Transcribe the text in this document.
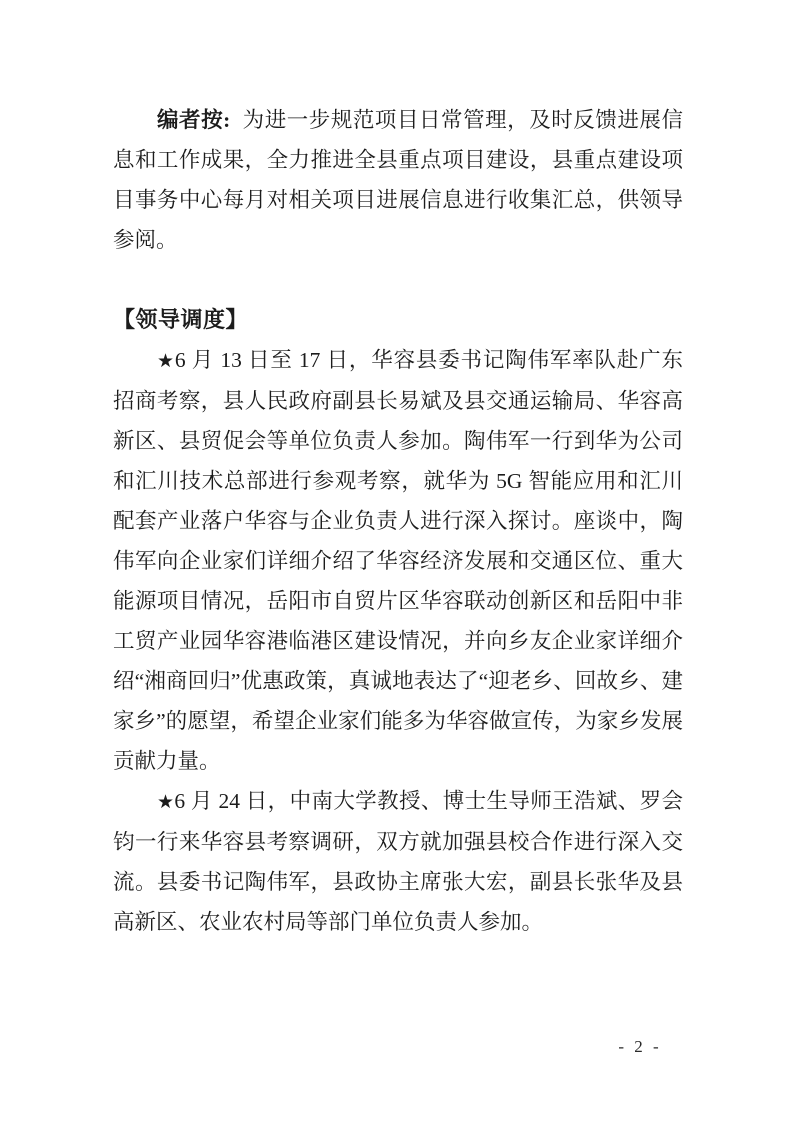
编者按: 为进一步规范项目日常管理，及时反馈进展信息和工作成果，全力推进全县重点项目建设，县重点建设项目事务中心每月对相关项目进展信息进行收集汇总，供领导参阅。

【领导调度】

★6 月 13 日至 17 日，华容县委书记陶伟军率队赴广东招商考察，县人民政府副县长易斌及县交通运输局、华容高新区、县贸促会等单位负责人参加。陶伟军一行到华为公司和汇川技术总部进行参观考察，就华为 5G 智能应用和汇川配套产业落户华容与企业负责人进行深入探讨。座谈中，陶伟军向企业家们详细介绍了华容经济发展和交通区位、重大能源项目情况，岳阳市自贸片区华容联动创新区和岳阳中非工贸产业园华容港临港区建设情况，并向乡友企业家详细介绍“湘商回归”优惠政策，真诚地表达了“迎老乡、回故乡、建家乡”的愿望，希望企业家们能多为华容做宣传，为家乡发展贡献力量。

★6 月 24 日，中南大学教授、博士生导师王浩斌、罗会钧一行来华容县考察调研，双方就加强县校合作进行深入交流。县委书记陶伟军，县政协主席张大宏，副县长张华及县高新区、农业农村局等部门单位负责人参加。

- 2 -
